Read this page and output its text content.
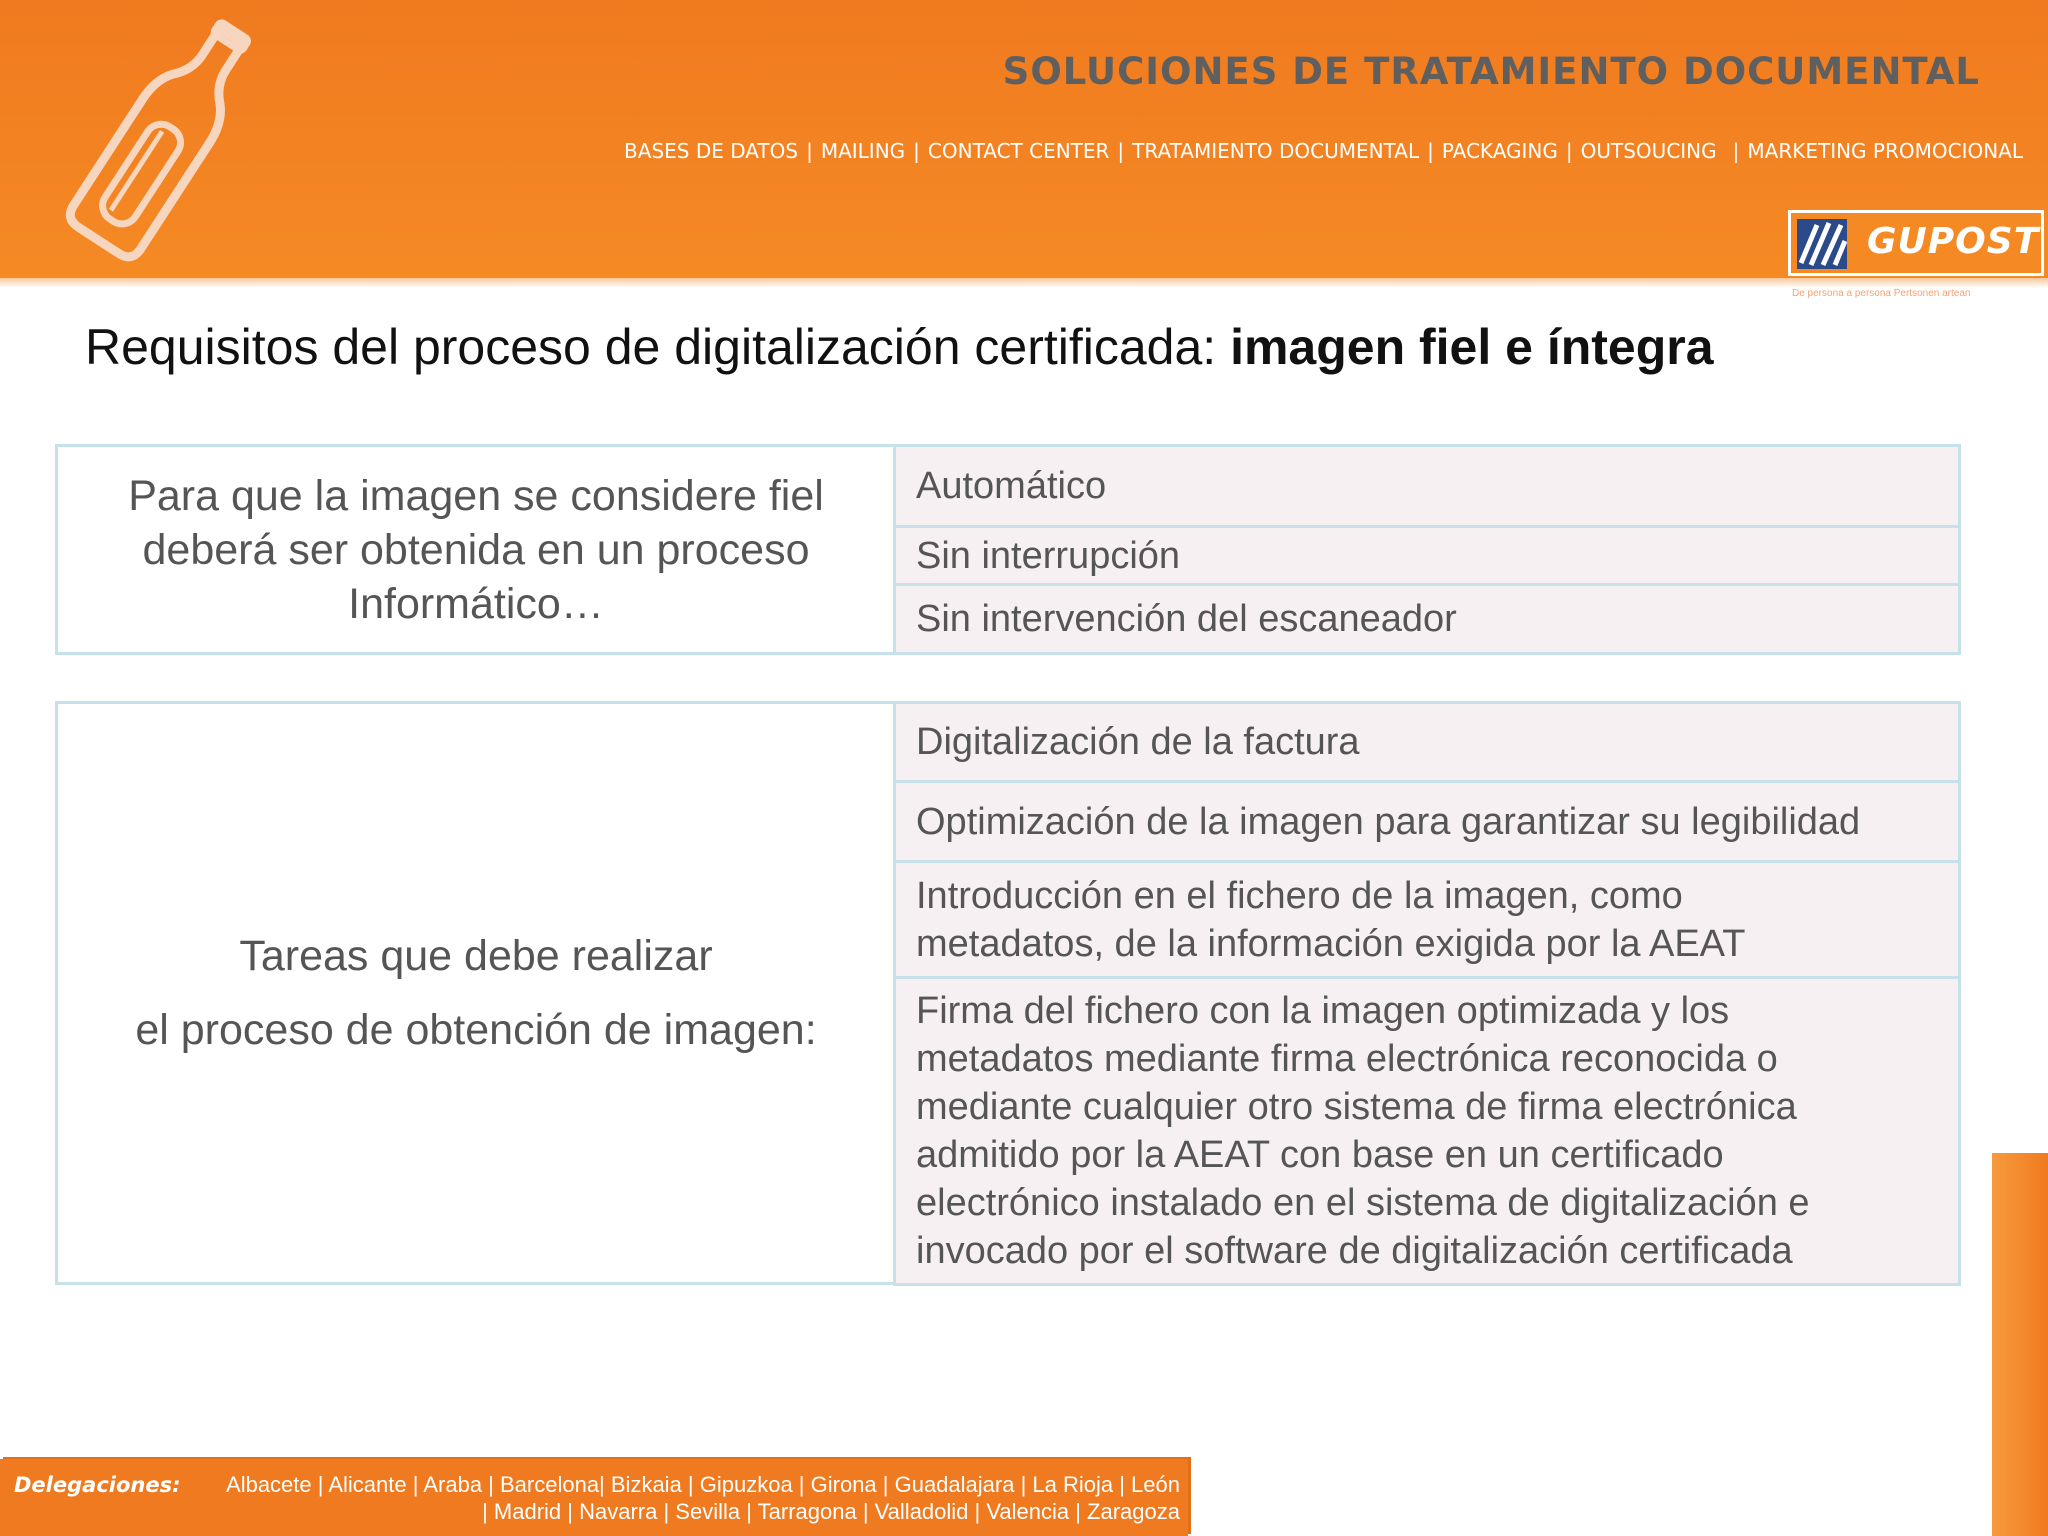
SOLUCIONES DE TRATAMIENTO DOCUMENTAL
BASES DE DATOS | MAILING | CONTACT CENTER | TRATAMIENTO DOCUMENTAL | PACKAGING | OUTSOUCING | MARKETING PROMOCIONAL
GUPOST
De persona a persona Pertsonen artean
Requisitos del proceso de digitalización certificada: imagen fiel e íntegra
Para que la imagen se considere fiel deberá ser obtenida en un proceso Informático…
Automático
Sin interrupción
Sin intervención del escaneador

Tareas que debe realizar

el proceso de obtención de imagen:

Digitalización de la factura
Optimización de la imagen para garantizar su legibilidad
Introducción en el fichero de la imagen, como metadatos, de la información exigida por la AEAT
Firma del fichero con la imagen optimizada y los metadatos mediante firma electrónica reconocida o mediante cualquier otro sistema de firma electrónica admitido por la AEAT con base en un certificado electrónico instalado en el sistema de digitalización e invocado por el software de digitalización certificada
Delegaciones:	Albacete | Alicante | Araba | Barcelona| Bizkaia | Gipuzkoa | Girona | Guadalajara | La Rioja | León
| Madrid | Navarra | Sevilla | Tarragona | Valladolid | Valencia | Zaragoza
